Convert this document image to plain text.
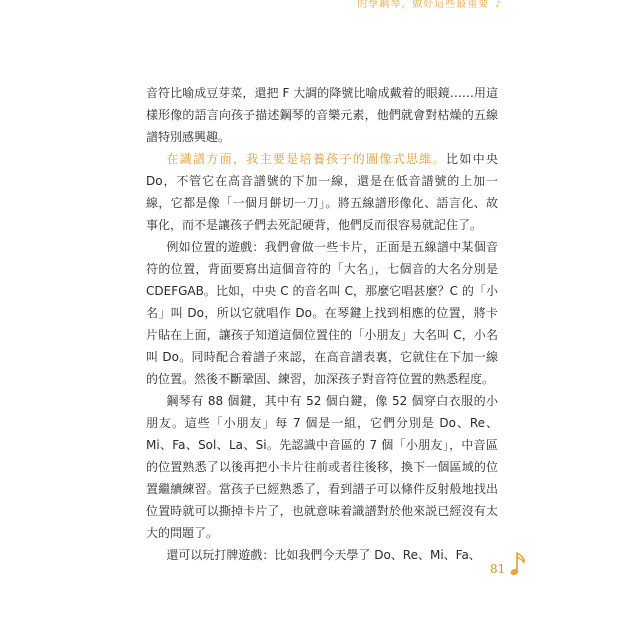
的學鋼琴，做好這些最重要 ♪

音符比喻成豆芽菜，還把 F 大調的降號比喻成戴着的眼鏡……用這樣形像的語言向孩子描述鋼琴的音樂元素，他們就會對枯燥的五線譜特別感興趣。

在識譜方面，我主要是培養孩子的圖像式思維。比如中央 Do，不管它在高音譜號的下加一線，還是在低音譜號的上加一線，它都是像「一個月餅切一刀」。將五線譜形像化、語言化、故事化，而不是讓孩子們去死記硬背，他們反而很容易就記住了。

例如位置的遊戲：我們會做一些卡片，正面是五線譜中某個音符的位置，背面要寫出這個音符的「大名」，七個音的大名分別是 CDEFGAB。比如，中央 C 的音名叫 C，那麼它唱甚麼？C 的「小名」叫 Do，所以它就唱作 Do。在琴鍵上找到相應的位置，將卡片貼在上面，讓孩子知道這個位置住的「小朋友」大名叫 C，小名叫 Do。同時配合着譜子來認，在高音譜表裏，它就住在下加一線的位置。然後不斷鞏固、練習，加深孩子對音符位置的熟悉程度。

鋼琴有 88 個鍵，其中有 52 個白鍵，像 52 個穿白衣服的小朋友。這些「小朋友」每 7 個是一組，它們分別是 Do、Re、Mi、Fa、Sol、La、Si。先認識中音區的 7 個「小朋友」，中音區的位置熟悉了以後再把小卡片往前或者往後移，換下一個區域的位置繼續練習。當孩子已經熟悉了，看到譜子可以條件反射般地找出位置時就可以撕掉卡片了，也就意味着識譜對於他來説已經沒有太大的問題了。

還可以玩打牌遊戲：比如我們今天學了 Do、Re、Mi、Fa、

81
